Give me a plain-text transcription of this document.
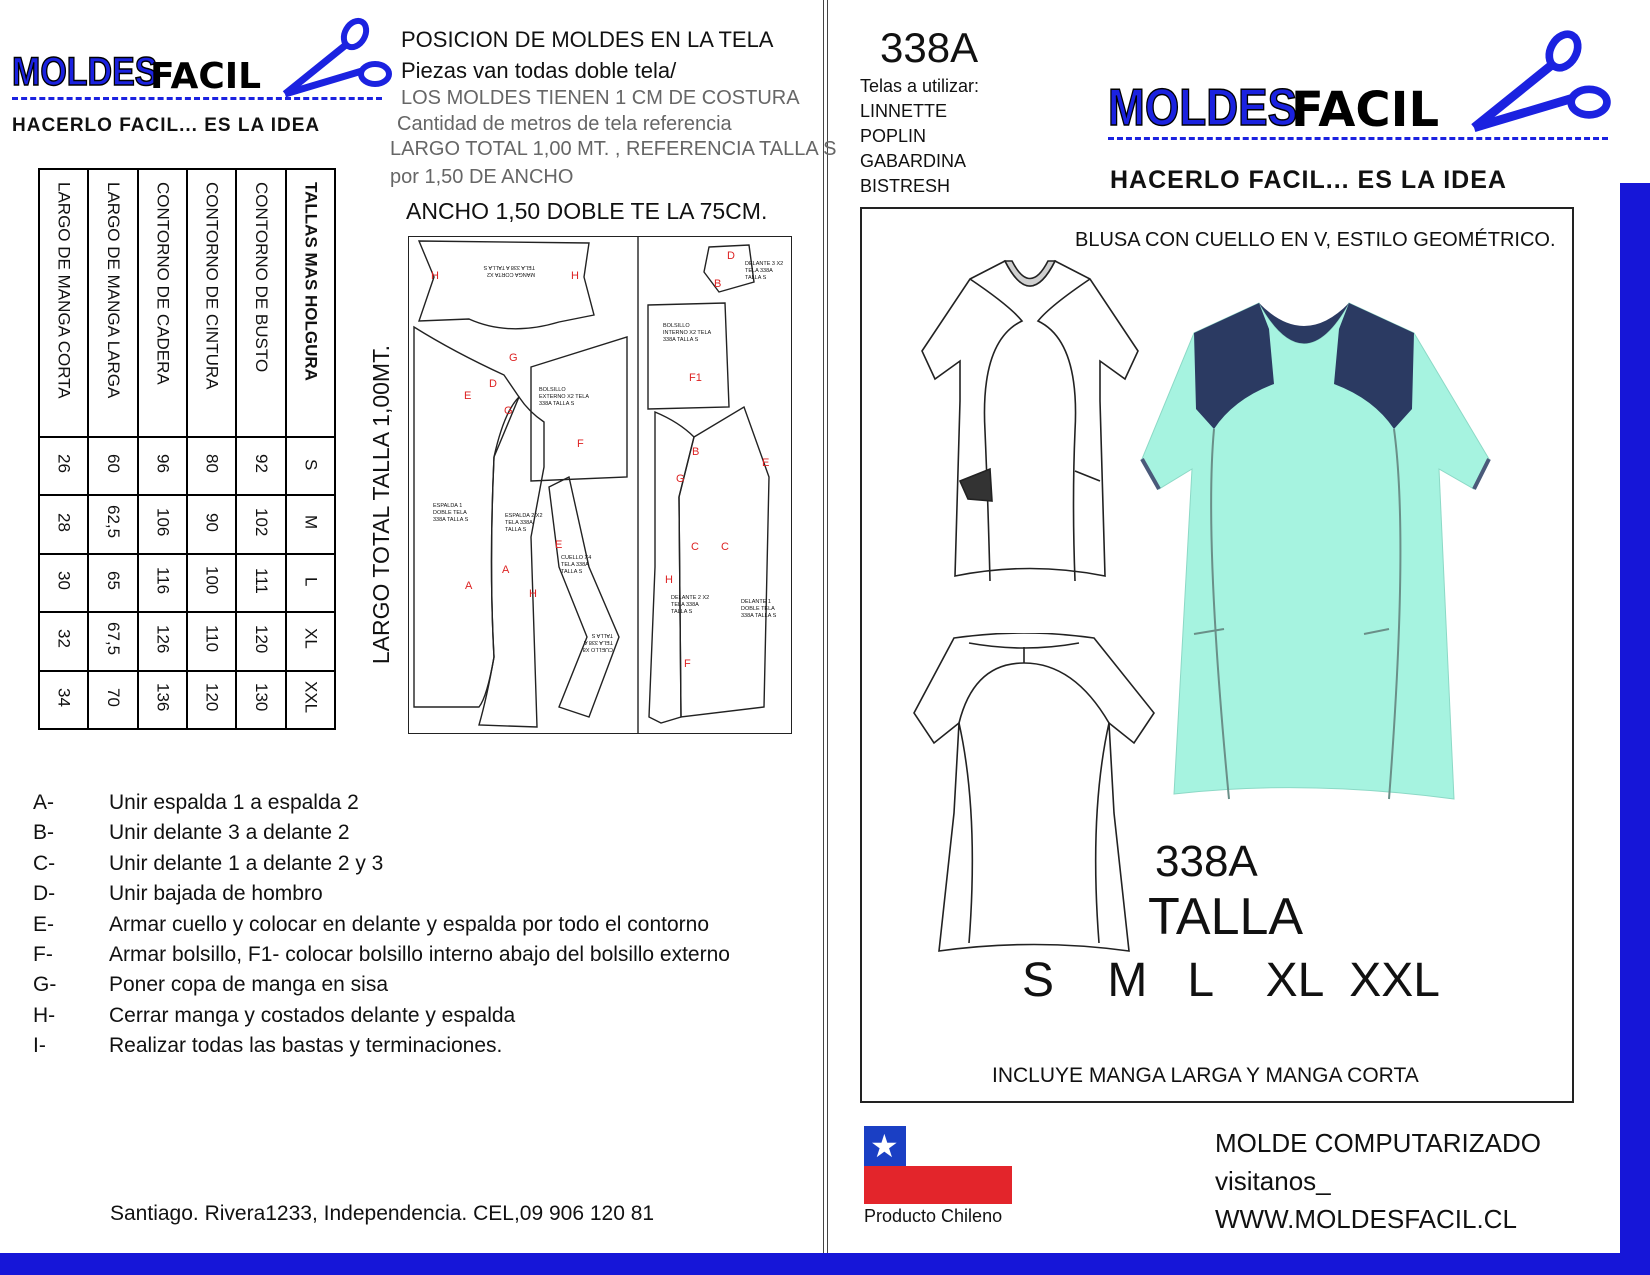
MOLDES
FACIL
HACERLO FACIL... ES LA IDEA
POSICION DE MOLDES EN LA TELA
Piezas van todas doble tela/
LOS MOLDES TIENEN 1 CM DE COSTURA
Cantidad de metros de tela referencia
LARGO TOTAL 1,00 MT. , REFERENCIA TALLA S
por 1,50 DE ANCHO
ANCHO 1,50 DOBLE TE LA 75CM.
LARGO DE MANGA CORTA	LARGO DE MANGA LARGA	CONTORNO DE CADERA	CONTORNO DE CINTURA	CONTORNO DE BUSTO	TALLAS MAS HOLGURA
26	60	96	80	92	S
28	62,5	106	90	102	M
30	65	116	100	111	L
32	67,5	126	110	120	XL
34	70	136	120	130	XXL
LARGO TOTAL TALLA 1,00MT.
H	H
G
E
D
G
A
A
H
E
F
D
B
F1
B
G
E
C C
H
F
MANGA CORTA X2 TELA 338 A TALLA S
BOLSILLO EXTERNO X2 TELA 338A TALLA S
BOLSILLO INTERNO X2 TELA 338A TALLA S
DELANTE 3 X2 TELA 338A TALLA S
ESPALDA 1 DOBLE TELA 338A TALLA S
ESPALDA 2 X2 TELA 338A TALLA S
CUELLO X4 TELA 338A TALLA S
CUELLO X8 TELA 338 A TALLA S
DELANTE 2 X2 TELA 338A TALLA S
DELANTE 1 DOBLE TELA 338A TALLA S
A-	Unir espalda 1 a espalda 2
B-	Unir delante 3 a delante 2
C-	Unir delante 1 a delante 2 y 3
D-	Unir bajada de hombro
E-	Armar cuello y colocar en delante y espalda por todo el contorno
F-	Armar bolsillo, F1- colocar bolsillo interno abajo del bolsillo externo
G-	Poner copa de manga en sisa
H-	Cerrar manga y costados delante y espalda
I-	Realizar todas las bastas y terminaciones.
Santiago. Rivera1233, Independencia. CEL,09 906 120 81
338A
Telas a utilizar:
LINNETTE
POPLIN
GABARDINA
BISTRESH
MOLDES
FACIL
HACERLO FACIL... ES LA IDEA
BLUSA CON CUELLO EN V, ESTILO GEOMÉTRICO.
338A
TALLA
S    M   L    XL  XXL
INCLUYE MANGA LARGA Y MANGA CORTA
★
Producto Chileno
MOLDE COMPUTARIZADO
visitanos_
WWW.MOLDESFACIL.CL
